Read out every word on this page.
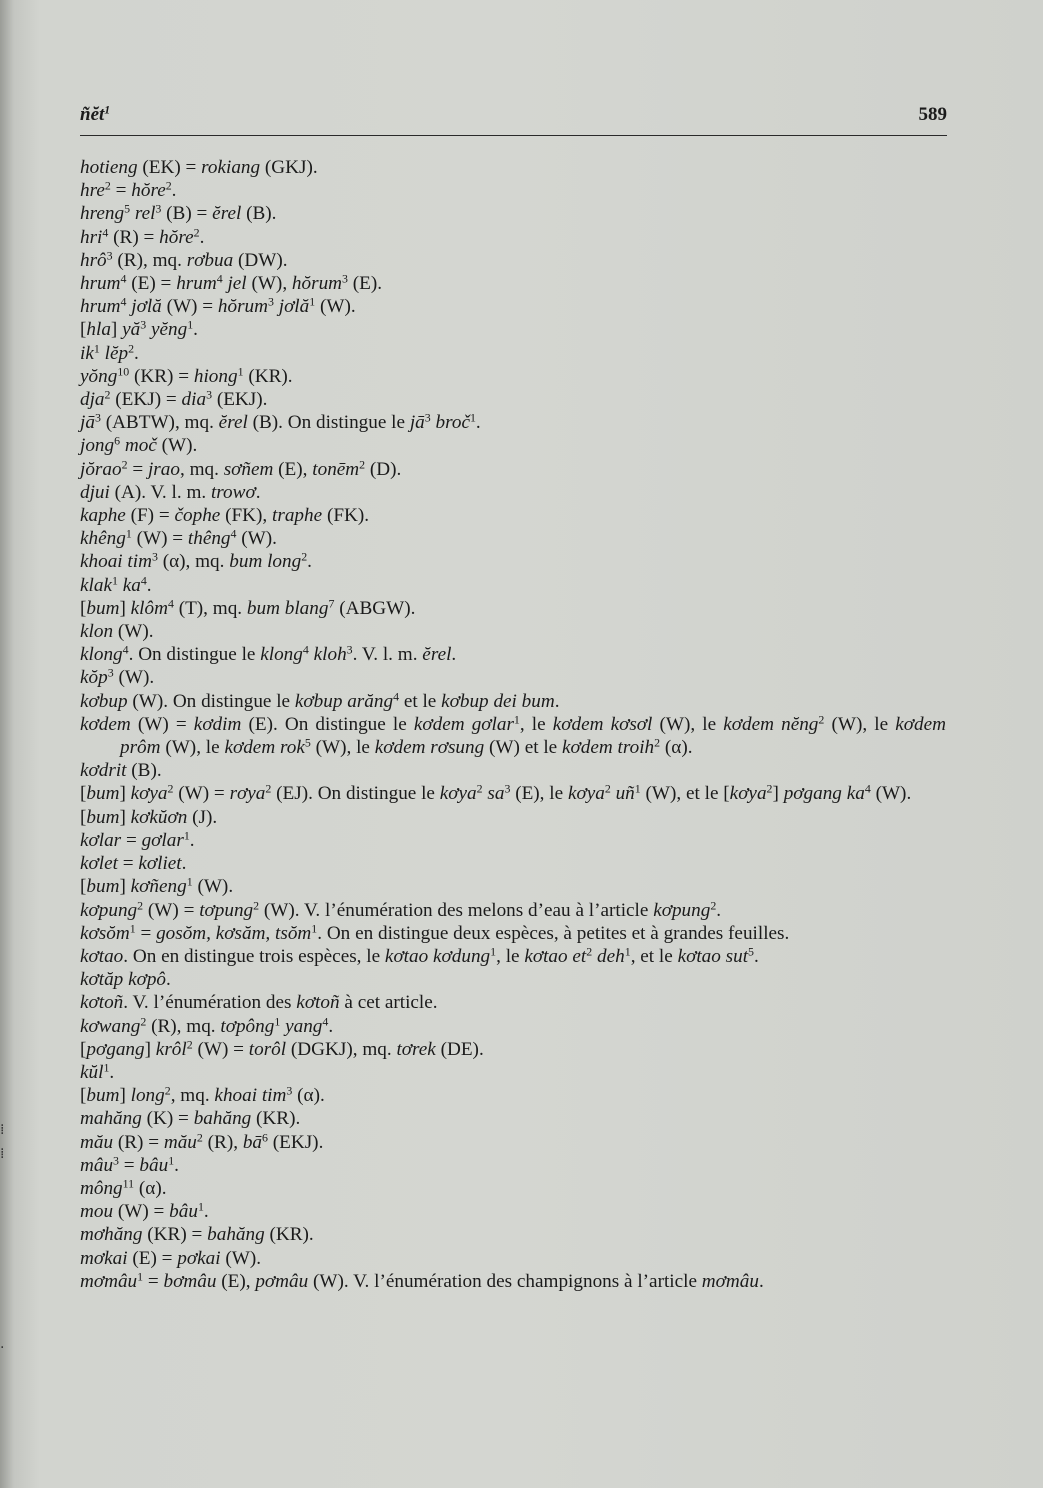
ñĕt$^1$	589

hotieng (EK) = rokiang (GKJ).

hre$^2$ = hŏre$^2$.

hreng$^5$ rel$^3$ (B) = ĕrel (B).

hri$^4$ (R) = hŏre$^2$.

hrô$^3$ (R), mq. rơbua (DW).

hrum$^4$ (E) = hrum$^4$ jel (W), hŏrum$^3$ (E).

hrum$^4$ jơlă (W) = hŏrum$^3$ jơlă$^1$ (W).

[hla] $yă^3$ yĕng$^1$.

$ik^1$ lĕp$^2$.

yŏng$^{10}$ (KR) = hiong$^1$ (KR).

dja$^2$ (EKJ) = dia$^3$ (EKJ).

$jā^3$ (ABTW), mq. ĕrel (B). On distingue le $jā^3$ broč$^1$.

jong$^6$ moč (W).

jŏrao$^2$ = jrao, mq. sơñem (E), tonēm$^2$ (D).

djui (A). V. l. m. trowơ.

kaphe (F) = čophe (FK), traphe (FK).

khêng$^1$ (W) = thêng$^4$ (W).

khoai tim$^3$ (α), mq. bum long$^2$.

klak$^1$ $ka^4$.

[bum] klôm$^4$ (T), mq. bum blang$^7$ (ABGW).

klon (W).

klong$^4$. On distingue le klong$^4$ kloh$^3$. V. l. m. ĕrel.

kŏp$^3$ (W).

kơbup (W). On distingue le kơbup arăng$^4$ et le kơbup dei bum.

kơdem (W) = kơdim (E). On distingue le kơdem gơlar$^1$, le kơdem kơsơl (W), le kơdem nĕng$^2$ (W), le kơdem prôm (W), le kơdem rok$^5$ (W), le kơdem rơsung (W) et le kơdem troih$^2$ (α).

kơdrit (B).

[bum] kơya$^2$ (W) = rơya$^2$ (EJ). On distingue le kơya$^2$ $sa^3$ (E), le kơya$^2$ $uñ^1$ (W), et le [kơya$^2$] pơgang $ka^4$ (W).

[bum] kơkŭơn (J).

kơlar = gơlar$^1$.

kơlet = kơliet.

[bum] kơñeng$^1$ (W).

kơpung$^2$ (W) = tơpung$^2$ (W). V. l’énumération des melons d’eau à l’article kơpung$^2$.

kơsŏm$^1$ = gosŏm, kơsăm, tsŏm$^1$. On en distingue deux espèces, à petites et à grandes feuilles.

kơtao. On en distingue trois espèces, le kơtao kơdung$^1$, le kơtao $et^2$ deh$^1$, et le kơtao sut$^5$.

kơtăp kơpô.

kơtoñ. V. l’énumération des kơtoñ à cet article.

kơwang$^2$ (R), mq. tơpông$^1$ yang$^4$.

[pơgang] krôl$^2$ (W) = torôl (DGKJ), mq. tơrek (DE).

kŭl$^1$.

[bum] long$^2$, mq. khoai tim$^3$ (α).

mahăng (K) = bahăng (KR).

mău (R) = mău$^2$ (R), $bā^6$ (EKJ).

mâu$^3$ = bâu$^1$.

mông$^{11}$ (α).

mou (W) = bâu$^1$.

mơhăng (KR) = bahăng (KR).

mơkai (E) = pơkai (W).

mơmâu$^1$ = bơmâu (E), pơmâu (W). V. l’énumération des champignons à l’article mơmâu.

⁞
⁞
·
